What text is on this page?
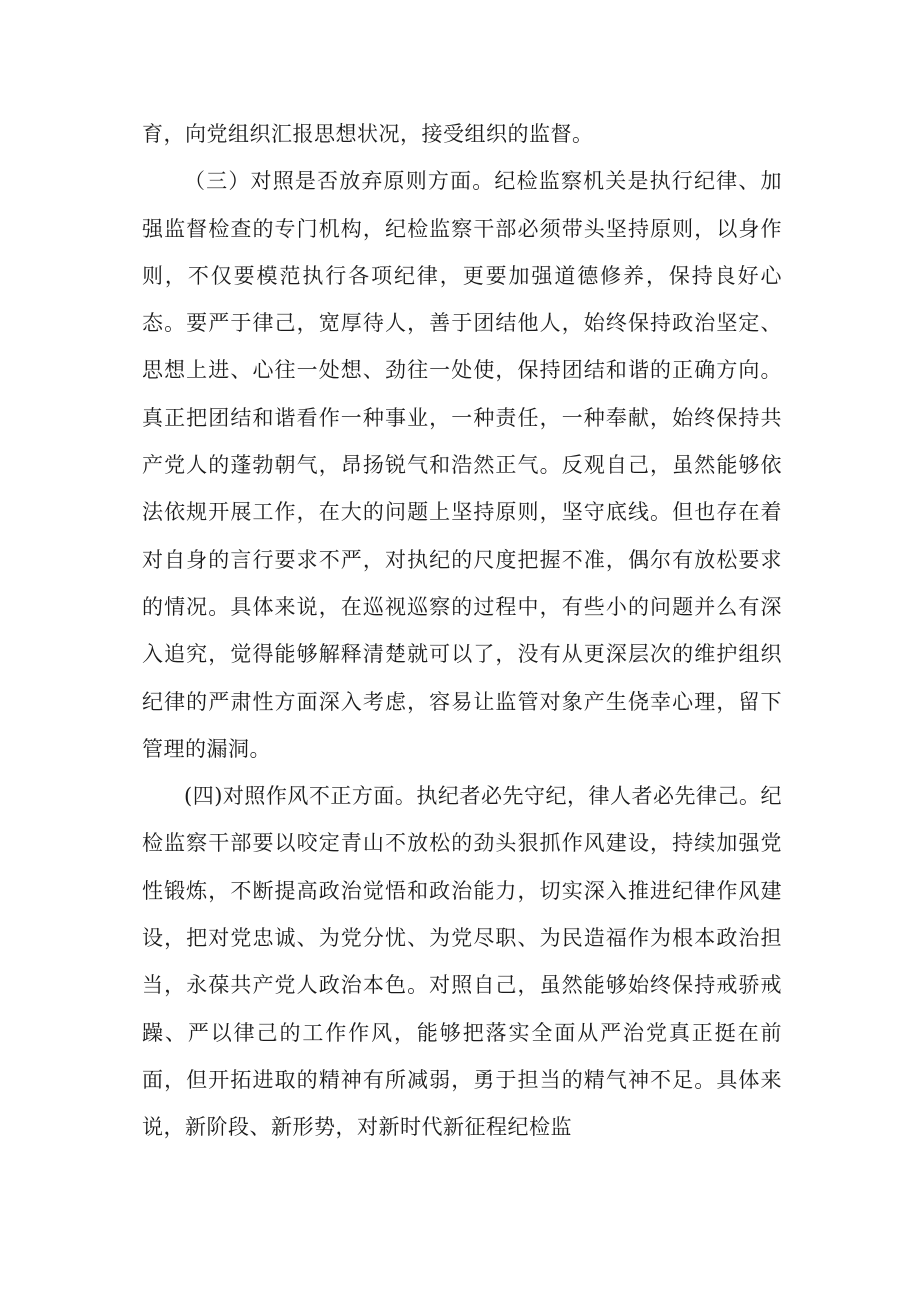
育，向党组织汇报思想状况，接受组织的监督。

（三）对照是否放弃原则方面。纪检监察机关是执行纪律、加强监督检查的专门机构，纪检监察干部必须带头坚持原则，以身作则，不仅要模范执行各项纪律，更要加强道德修养，保持良好心态。要严于律己，宽厚待人，善于团结他人，始终保持政治坚定、思想上进、心往一处想、劲往一处使，保持团结和谐的正确方向。真正把团结和谐看作一种事业，一种责任，一种奉献，始终保持共产党人的蓬勃朝气，昂扬锐气和浩然正气。反观自己，虽然能够依法依规开展工作，在大的问题上坚持原则，坚守底线。但也存在着对自身的言行要求不严，对执纪的尺度把握不准，偶尔有放松要求的情况。具体来说，在巡视巡察的过程中，有些小的问题并么有深入追究，觉得能够解释清楚就可以了，没有从更深层次的维护组织纪律的严肃性方面深入考虑，容易让监管对象产生侥幸心理，留下管理的漏洞。

(四)对照作风不正方面。执纪者必先守纪，律人者必先律己。纪检监察干部要以咬定青山不放松的劲头狠抓作风建设，持续加强党性锻炼，不断提高政治觉悟和政治能力，切实深入推进纪律作风建设，把对党忠诚、为党分忧、为党尽职、为民造福作为根本政治担当，永葆共产党人政治本色。对照自己，虽然能够始终保持戒骄戒躁、严以律己的工作作风，能够把落实全面从严治党真正挺在前面，但开拓进取的精神有所减弱，勇于担当的精气神不足。具体来说，新阶段、新形势，对新时代新征程纪检监
